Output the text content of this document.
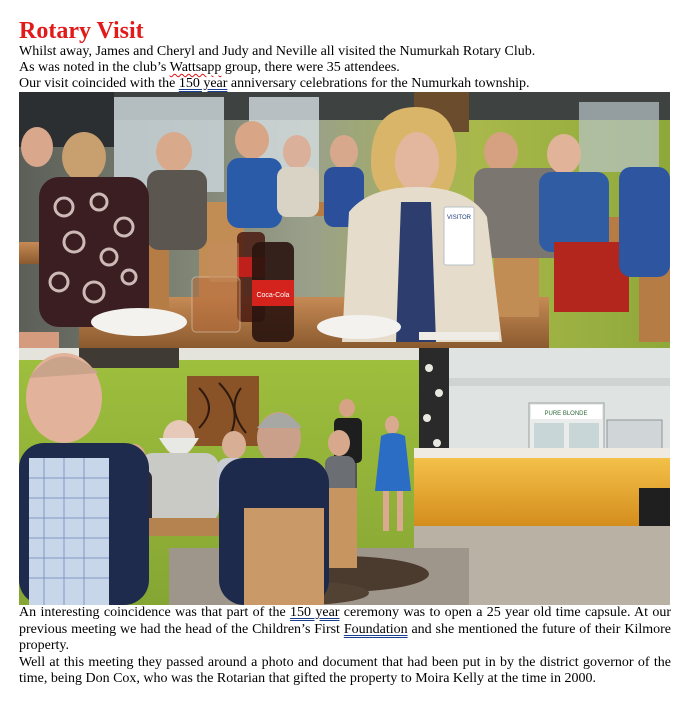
Rotary Visit

Whilst away, James and Cheryl and Judy and Neville all visited the Numurkah Rotary Club.

As was noted in the club’s Wattsapp group, there were 35 attendees.

Our visit coincided with the 150 year anniversary celebrations for the Numurkah township.

VISITOR
Coca-Cola
PURE BLONDE

An interesting coincidence was that part of the 150 year ceremony was to open a 25 year old time capsule. At our previous meeting we had the head of the Children’s First Foundation and she mentioned the future of their Kilmore property.

Well at this meeting they passed around a photo and document that had been put in by the district governor of the time, being Don Cox, who was the Rotarian that gifted the property to Moira Kelly at the time in 2000.
